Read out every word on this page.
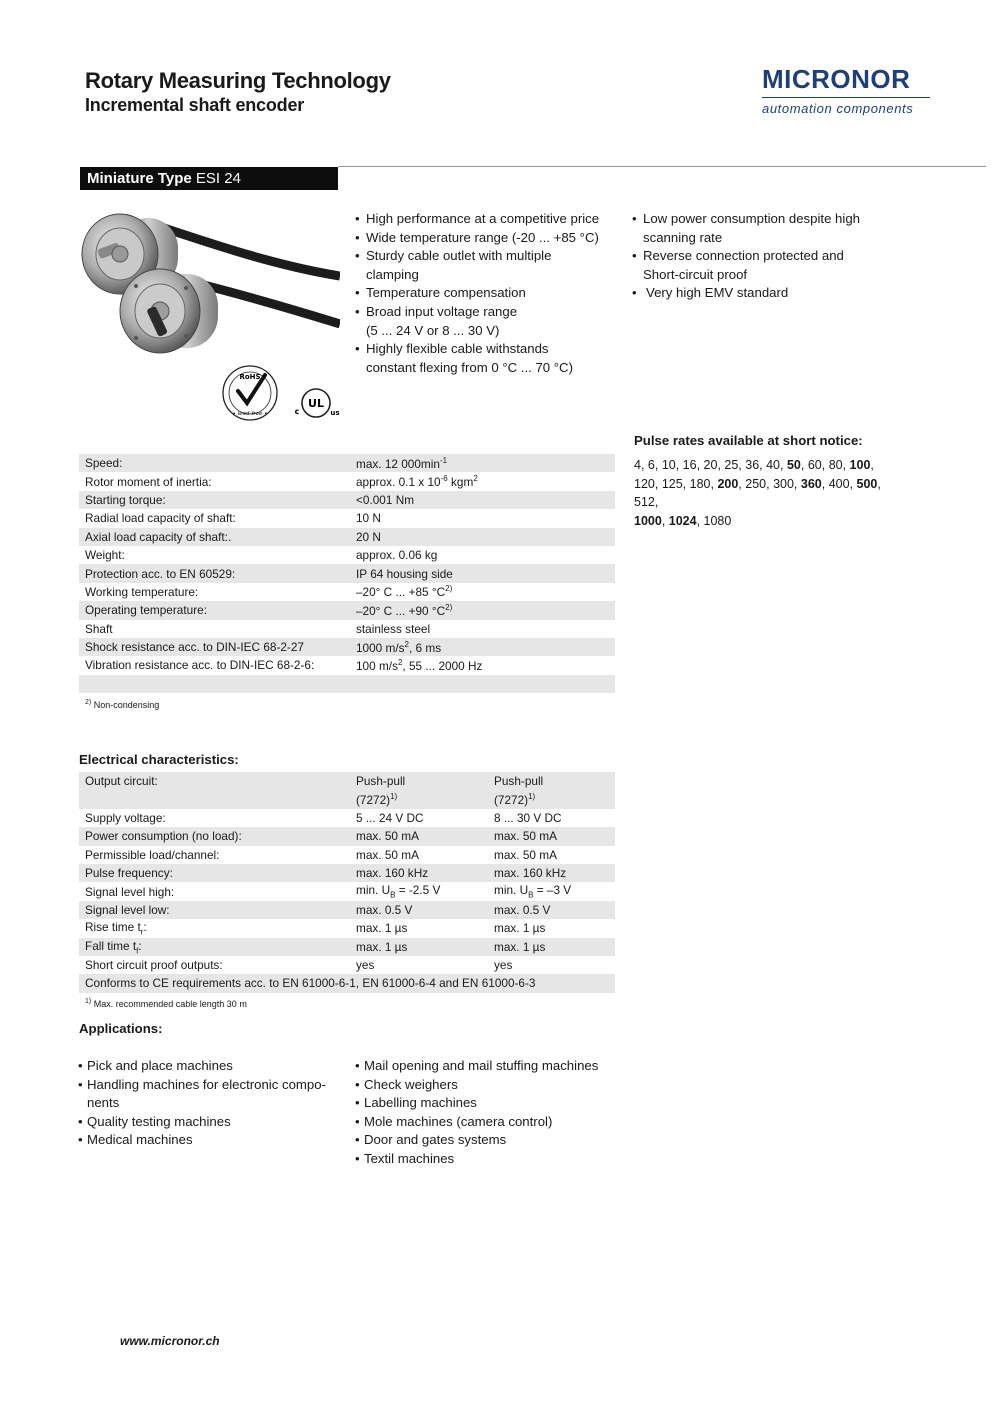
Rotary Measuring Technology
Incremental shaft encoder
MICRONOR
automation components
Miniature Type ESI 24
RoHS
• lead-free •
UL
c	us
• High performance at a competitive price
• Wide temperature range (-20 ... +85 °C)
• Sturdy cable outlet with multiple
clamping
• Temperature compensation
• Broad input voltage range
(5 ... 24 V or 8 ... 30 V)
• Highly flexible cable withstands
constant flexing from 0 °C ... 70 °C)
• Low power consumption despite high
scanning rate
• Reverse connection protected and
Short-circuit proof
• Very high EMV standard
Pulse rates available at short notice:
4, 6, 10, 16, 20, 25, 36, 40, 50, 60, 80, 100,
120, 125, 180, 200, 250, 300, 360, 400, 500, 512,
1000, 1024, 1080
Speed:	max. 12 $000\min^{-1}$
Rotor moment of inertia:	approx. 0.1 x $10^{-6}$ kgm$^2$
Starting torque:	<0.001 Nm
Radial load capacity of shaft:	10 N
Axial load capacity of shaft:.	20 N
Weight:	approx. 0.06 kg
Protection acc. to EN 60529:	IP 64 housing side
Working temperature:	–20° C ... +85 $^\circ C^{2)}$
Operating temperature:	–20° C ... +90 $^\circ C^{2)}$
Shaft	stainless steel
Shock resistance acc. to DIN-IEC 68-2-27	1000 $m/s^2$, 6 ms
Vibration resistance acc. to DIN-IEC 68-2-6:	100 $m/s^2$, 55 ... 2000 Hz

$^{2)}$ Non-condensing
Electrical characteristics:
Output circuit:	Push-pull	Push-pull
	$(7272)^{1)}$	$(7272)^{1)}$
Supply voltage:	5 ... 24 V DC	8 ... 30 V DC
Power consumption (no load):	max. 50 mA	max. 50 mA
Permissible load/channel:	max. 50 mA	max. 50 mA
Pulse frequency:	max. 160 kHz	max. 160 kHz
Signal level high:	min. $U_B = -2.5$ V	min. $U_B = -3$ V
Signal level low:	max. 0.5 V	max. 0.5 V
Rise time $t_r$:	max. 1 µs	max. 1 µs
Fall time $t_f$:	max. 1 µs	max. 1 µs
Short circuit proof outputs:	yes	yes
Conforms to CE requirements acc. to EN 61000-6-1, EN 61000-6-4 and EN 61000-6-3		
$^{1)}$ Max. recommended cable length 30 m
Applications:
• Pick and place machines
• Handling machines for electronic compo-
nents
• Quality testing machines
• Medical machines
• Mail opening and mail stuffing machines
• Check weighers
• Labelling machines
• Mole machines (camera control)
• Door and gates systems
• Textil machines
www.micronor.ch
